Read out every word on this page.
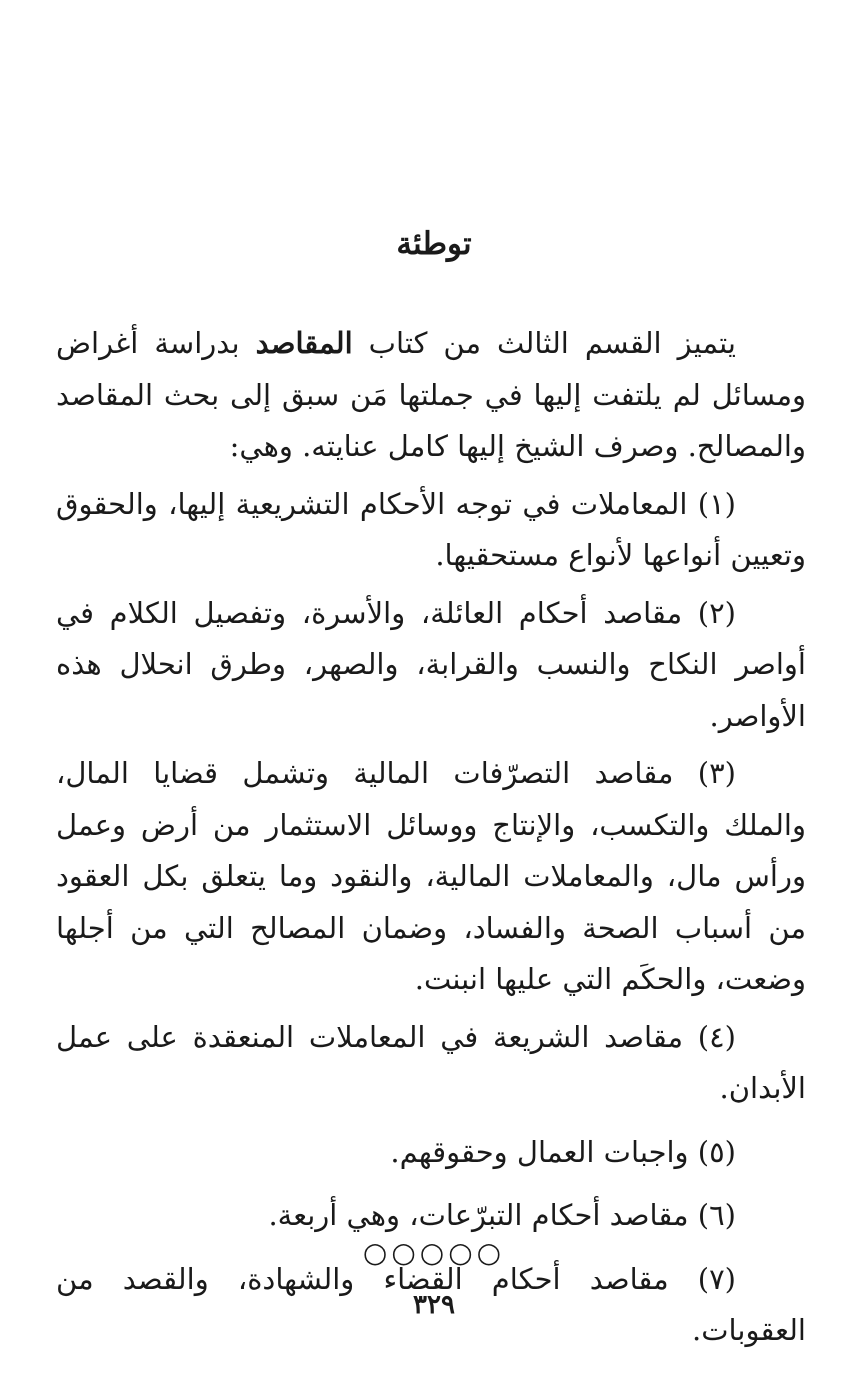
توطئة

يتميز القسم الثالث من كتاب المقاصد بدراسة أغراض ومسائل لم يلتفت إليها في جملتها مَن سبق إلى بحث المقاصد والمصالح. وصرف الشيخ إليها كامل عنايته. وهي:

(١) المعاملات في توجه الأحكام التشريعية إليها، والحقوق وتعيين أنواعها لأنواع مستحقيها.

(٢) مقاصد أحكام العائلة، والأسرة، وتفصيل الكلام في أواصر النكاح والنسب والقرابة، والصهر، وطرق انحلال هذه الأواصر.

(٣) مقاصد التصرّفات المالية وتشمل قضايا المال، والملك والتكسب، والإنتاج ووسائل الاستثمار من أرض وعمل ورأس مال، والمعاملات المالية، والنقود وما يتعلق بكل العقود من أسباب الصحة والفساد، وضمان المصالح التي من أجلها وضعت، والحكَم التي عليها انبنت.

(٤) مقاصد الشريعة في المعاملات المنعقدة على عمل الأبدان.

(٥) واجبات العمال وحقوقهم.

(٦) مقاصد أحكام التبرّعات، وهي أربعة.

(٧) مقاصد أحكام القضاء والشهادة، والقصد من العقوبات.

○○○○○
٣٢٩
